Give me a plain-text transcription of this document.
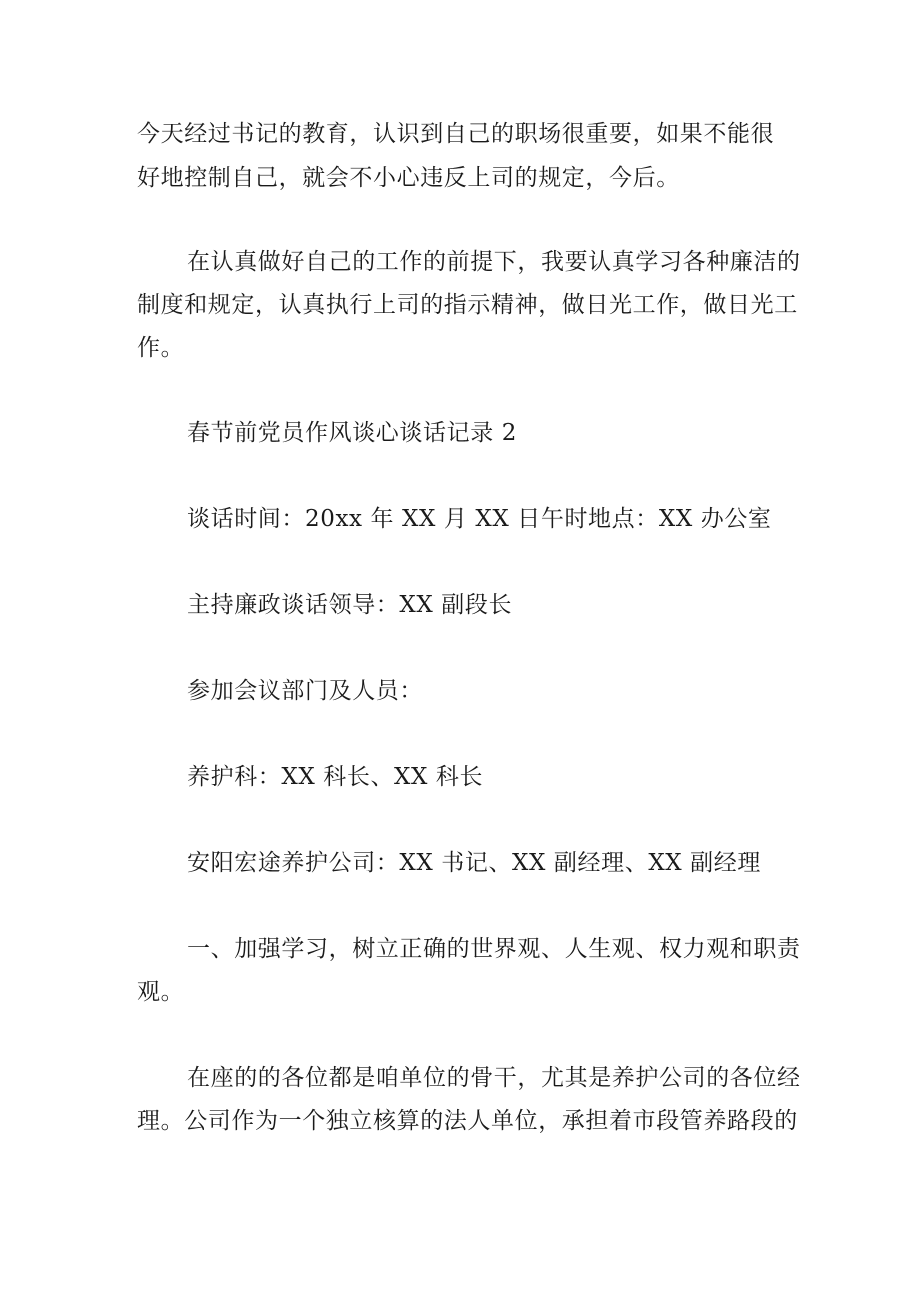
今天经过书记的教育，认识到自己的职场很重要，如果不能很
好地控制自己，就会不小心违反上司的规定，今后。
在认真做好自己的工作的前提下，我要认真学习各种廉洁的
制度和规定，认真执行上司的指示精神，做日光工作，做日光工
作。
春节前党员作风谈心谈话记录 2
谈话时间：20xx 年 XX 月 XX 日午时地点：XX 办公室
主持廉政谈话领导：XX 副段长
参加会议部门及人员：
养护科：XX 科长、XX 科长
安阳宏途养护公司：XX 书记、XX 副经理、XX 副经理
一、加强学习，树立正确的世界观、人生观、权力观和职责
观。
在座的的各位都是咱单位的骨干，尤其是养护公司的各位经
理。公司作为一个独立核算的法人单位，承担着市段管养路段的
